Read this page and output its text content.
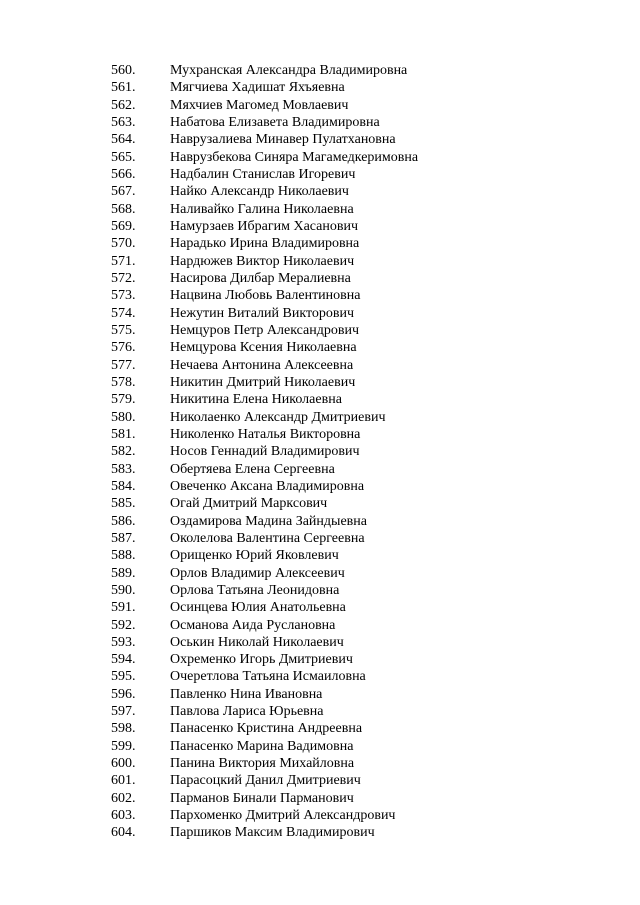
560.	Мухранская Александра Владимировна
561.	Мягчиева Хадишат Яхъяевна
562.	Мяхчиев Магомед Мовлаевич
563.	Набатова Елизавета Владимировна
564.	Наврузалиева Минавер Пулатхановна
565.	Наврузбекова Синяра Магамедкеримовна
566.	Надбалин Станислав Игоревич
567.	Найко Александр Николаевич
568.	Наливайко Галина Николаевна
569.	Намурзаев Ибрагим Хасанович
570.	Нарадько Ирина Владимировна
571.	Нардюжев Виктор Николаевич
572.	Насирова Дилбар Мералиевна
573.	Нацвина Любовь Валентиновна
574.	Нежутин Виталий Викторович
575.	Немцуров Петр Александрович
576.	Немцурова Ксения Николаевна
577.	Нечаева Антонина Алексеевна
578.	Никитин Дмитрий Николаевич
579.	Никитина Елена Николаевна
580.	Николаенко Александр Дмитриевич
581.	Николенко Наталья Викторовна
582.	Носов Геннадий Владимирович
583.	Обертяева Елена Сергеевна
584.	Овеченко Аксана Владимировна
585.	Огай Дмитрий Марксович
586.	Оздамирова Мадина Зайндыевна
587.	Околелова Валентина Сергеевна
588.	Орищенко Юрий Яковлевич
589.	Орлов Владимир Алексеевич
590.	Орлова Татьяна Леонидовна
591.	Осинцева Юлия Анатольевна
592.	Османова Аида Руслановна
593.	Оськин Николай Николаевич
594.	Охременко Игорь Дмитриевич
595.	Очеретлова Татьяна Исмаиловна
596.	Павленко Нина Ивановна
597.	Павлова Лариса Юрьевна
598.	Панасенко Кристина Андреевна
599.	Панасенко Марина Вадимовна
600.	Панина Виктория Михайловна
601.	Парасоцкий Данил Дмитриевич
602.	Парманов Бинали Парманович
603.	Пархоменко Дмитрий Александрович
604.	Паршиков Максим Владимирович
